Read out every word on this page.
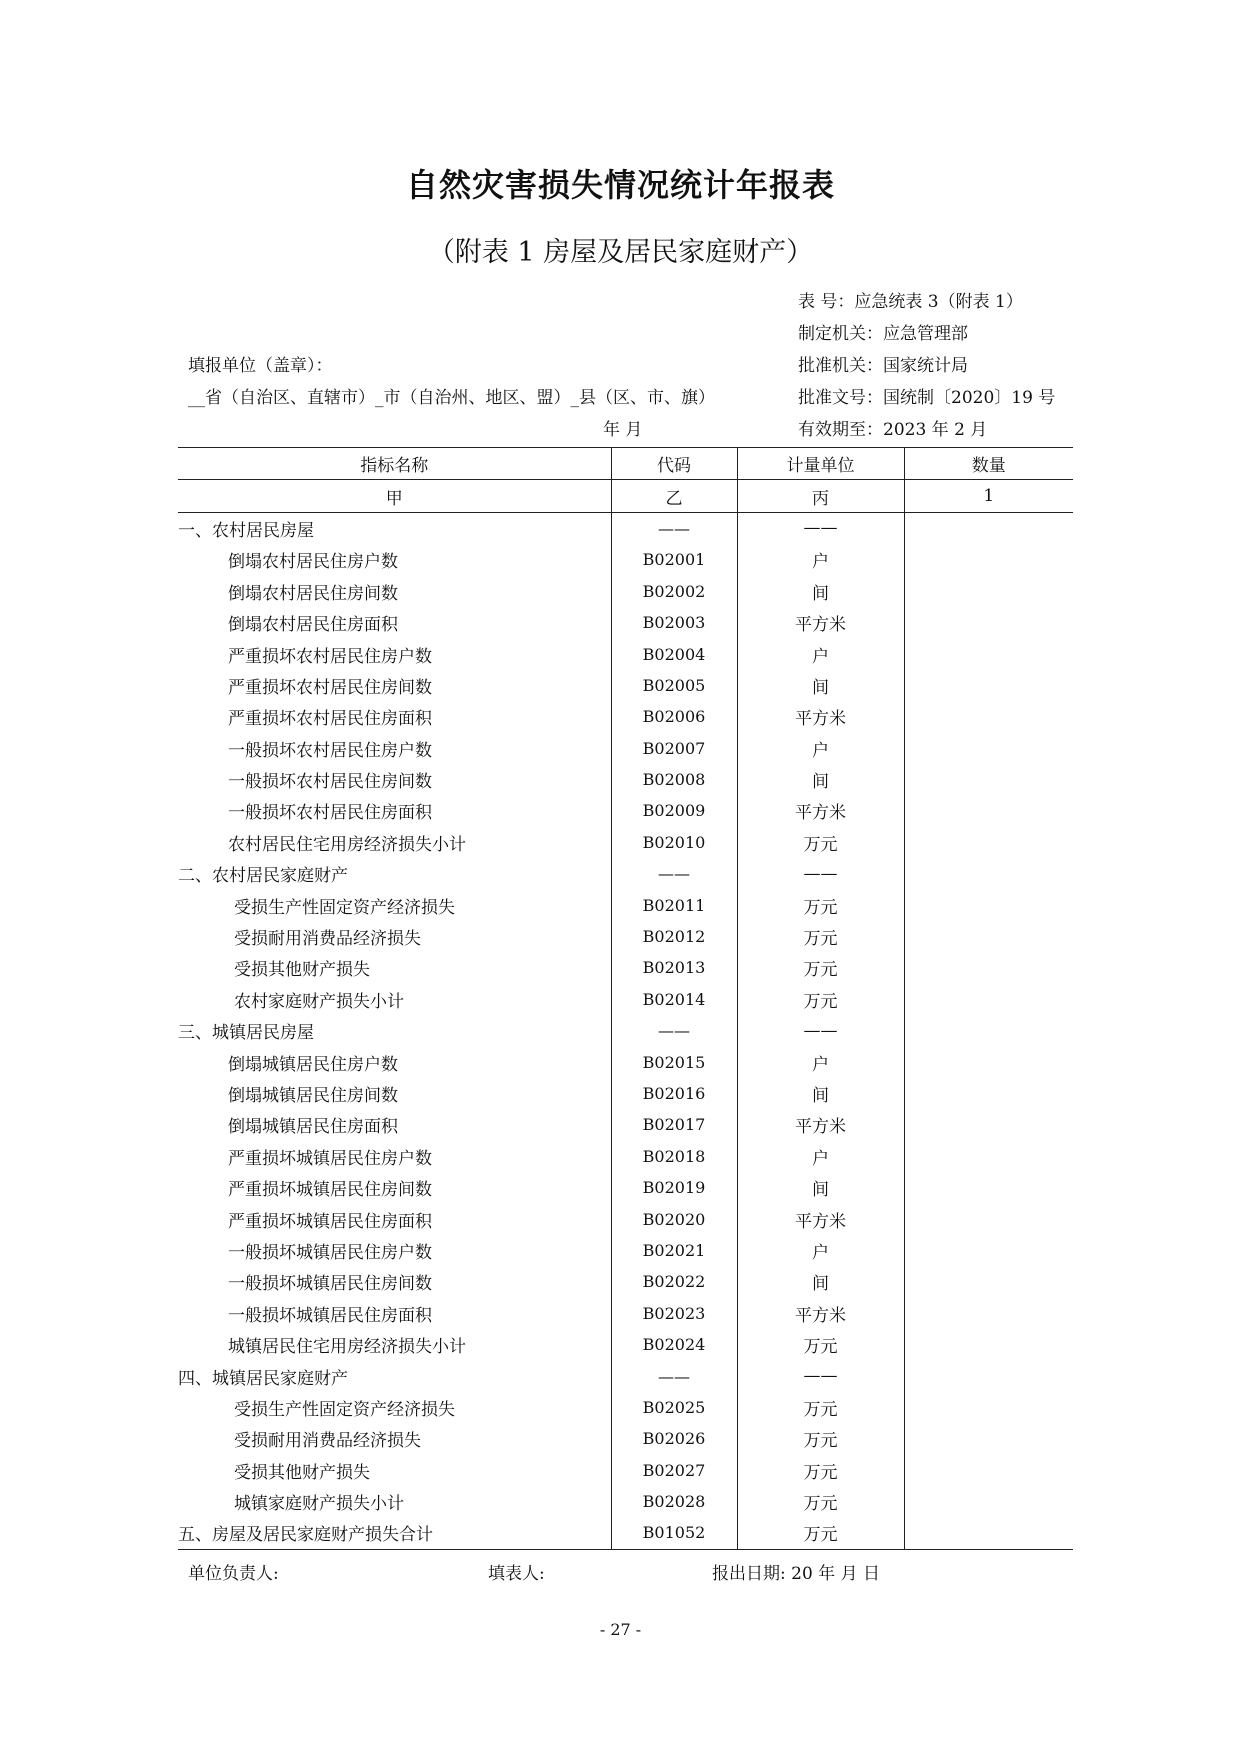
自然灾害损失情况统计年报表
（附表 1 房屋及居民家庭财产）
表 号：应急统表 3（附表 1）
制定机关：应急管理部
批准机关：国家统计局
批准文号：国统制〔2020〕19 号
有效期至：2023 年 2 月
填报单位（盖章）：
__省（自治区、直辖市）_市（自治州、地区、盟）_县（区、市、旗）
年 月
指标名称	代码	计量单位	数量
甲	乙	丙	1
一、农村居民房屋	——	——	
倒塌农村居民住房户数	B02001	户	
倒塌农村居民住房间数	B02002	间	
倒塌农村居民住房面积	B02003	平方米	
严重损坏农村居民住房户数	B02004	户	
严重损坏农村居民住房间数	B02005	间	
严重损坏农村居民住房面积	B02006	平方米	
一般损坏农村居民住房户数	B02007	户	
一般损坏农村居民住房间数	B02008	间	
一般损坏农村居民住房面积	B02009	平方米	
农村居民住宅用房经济损失小计	B02010	万元	
二、农村居民家庭财产	——	——	
受损生产性固定资产经济损失	B02011	万元	
受损耐用消费品经济损失	B02012	万元	
受损其他财产损失	B02013	万元	
农村家庭财产损失小计	B02014	万元	
三、城镇居民房屋	——	——	
倒塌城镇居民住房户数	B02015	户	
倒塌城镇居民住房间数	B02016	间	
倒塌城镇居民住房面积	B02017	平方米	
严重损坏城镇居民住房户数	B02018	户	
严重损坏城镇居民住房间数	B02019	间	
严重损坏城镇居民住房面积	B02020	平方米	
一般损坏城镇居民住房户数	B02021	户	
一般损坏城镇居民住房间数	B02022	间	
一般损坏城镇居民住房面积	B02023	平方米	
城镇居民住宅用房经济损失小计	B02024	万元	
四、城镇居民家庭财产	——	——	
受损生产性固定资产经济损失	B02025	万元	
受损耐用消费品经济损失	B02026	万元	
受损其他财产损失	B02027	万元	
城镇家庭财产损失小计	B02028	万元	
五、房屋及居民家庭财产损失合计	B01052	万元	
单位负责人:	填表人:	报出日期: 20 年 月 日
- 27 -
